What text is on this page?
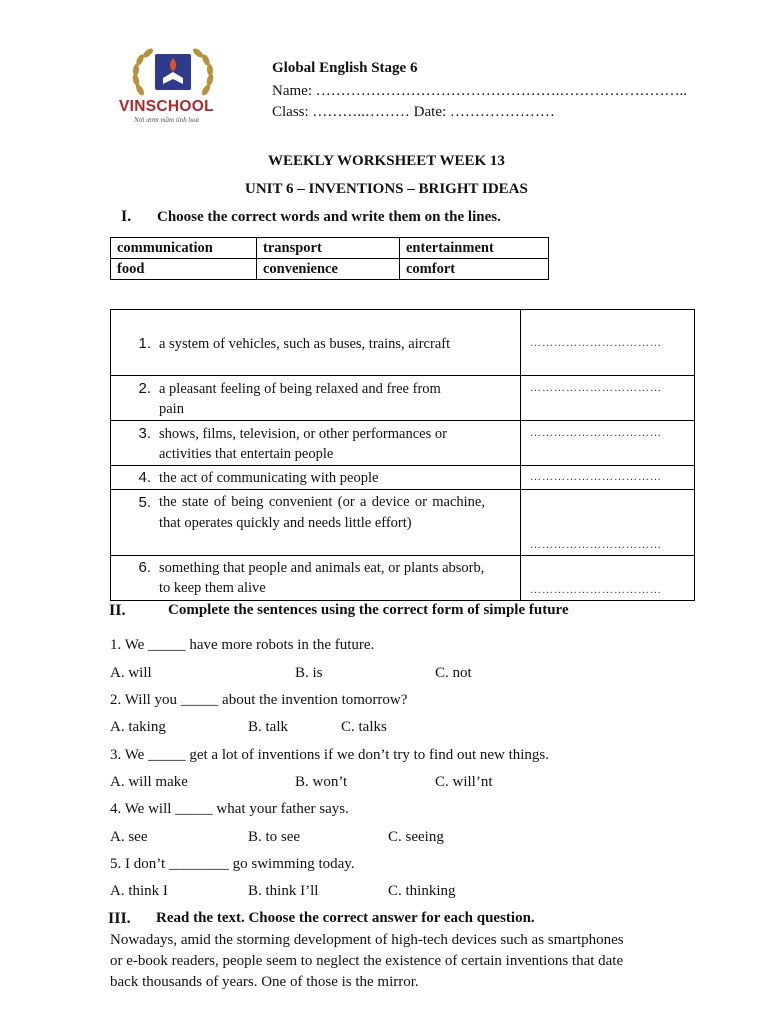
VINSCHOOL
Nơi ươm mầm tinh hoa
Global English Stage 6
Name: ………………………………………….……………………..
Class: ………..……… Date: …………………
WEEKLY WORKSHEET WEEK 13
UNIT 6 – INVENTIONS – BRIGHT IDEAS
I. Choose the correct words and write them on the lines.
communication	transport	entertainment
food	convenience	comfort
1. a system of vehicles, such as buses, trains, aircraft	……………………………
2. a pleasant feeling of being relaxed and free from pain	……………………………
3. shows, films, television, or other performances or activities that entertain people	……………………………
4. the act of communicating with people	……………………………
5. the state of being convenient (or a device or machine, that operates quickly and needs little effort)	……………………………
6. something that people and animals eat, or plants absorb, to keep them alive	……………………………
II.	Complete the sentences using the correct form of simple future
1. We _____ have more robots in the future.
A. will	B. is	C. not
2. Will you _____ about the invention tomorrow?
A. taking	B. talk	C. talks
3. We _____ get a lot of inventions if we don’t try to find out new things.
A. will make	B. won’t	C. will’nt
4. We will _____ what your father says.
A. see	B. to see	C. seeing
5. I don’t ________ go swimming today.
A. think I	B. think I’ll	C. thinking
III. Read the text. Choose the correct answer for each question.
Nowadays, amid the storming development of high-tech devices such as smartphones
or e-book readers, people seem to neglect the existence of certain inventions that date
back thousands of years. One of those is the mirror.
